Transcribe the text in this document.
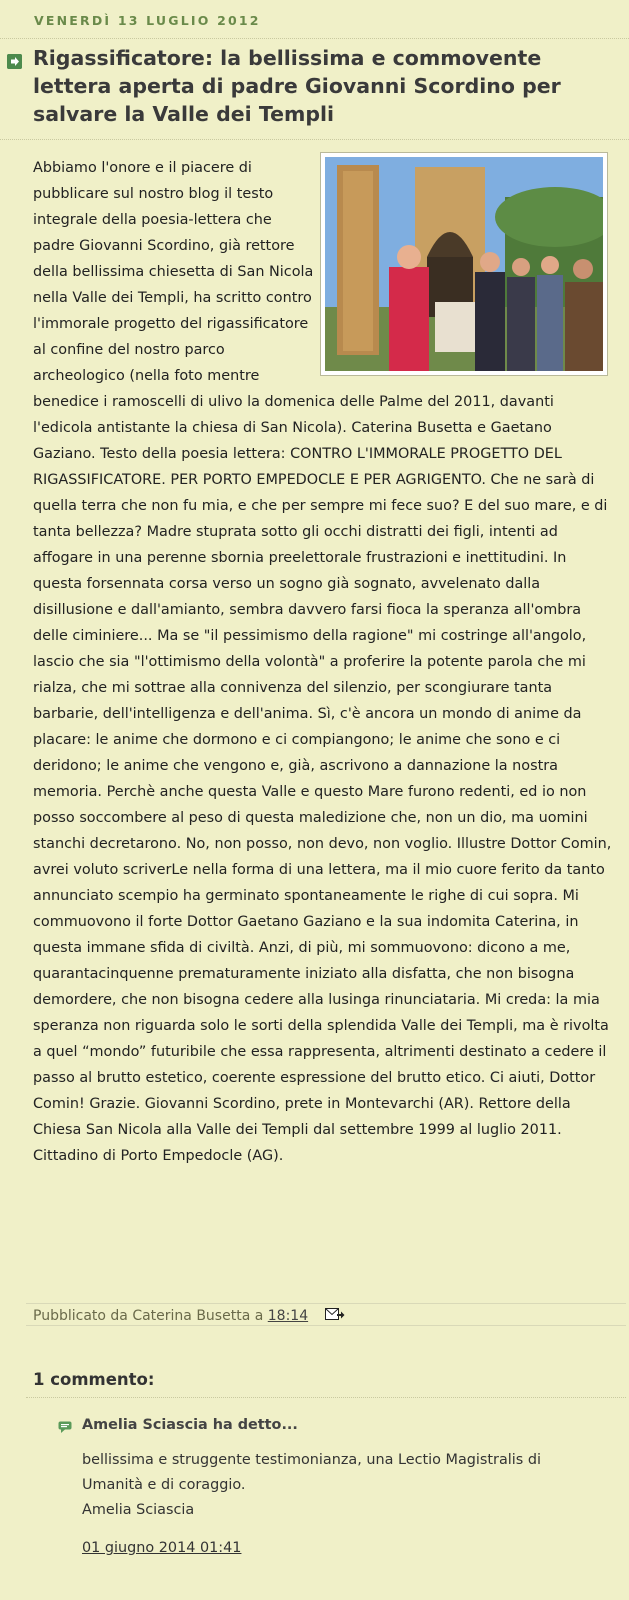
VENERDÌ 13 LUGLIO 2012
Rigassificatore: la bellissima e commovente lettera aperta di padre Giovanni Scordino per salvare la Valle dei Templi

Abbiamo l'onore e il piacere di pubblicare sul nostro blog il testo integrale della poesia-lettera che padre Giovanni Scordino, già rettore della bellissima chiesetta di San Nicola nella Valle dei Templi, ha scritto contro l'immorale progetto del rigassificatore al confine del nostro parco archeologico (nella foto mentre benedice i ramoscelli di ulivo la domenica delle Palme del 2011, davanti l'edicola antistante la chiesa di San Nicola). Caterina Busetta e Gaetano Gaziano. Testo della poesia lettera: CONTRO L'IMMORALE PROGETTO DEL RIGASSIFICATORE. PER PORTO EMPEDOCLE E PER AGRIGENTO. Che ne sarà di quella terra che non fu mia, e che per sempre mi fece suo? E del suo mare, e di tanta bellezza? Madre stuprata sotto gli occhi distratti dei figli, intenti ad affogare in una perenne sbornia preelettorale frustrazioni e inettitudini. In questa forsennata corsa verso un sogno già sognato, avvelenato dalla disillusione e dall'amianto, sembra davvero farsi fioca la speranza all'ombra delle ciminiere... Ma se "il pessimismo della ragione" mi costringe all'angolo, lascio che sia "l'ottimismo della volontà" a proferire la potente parola che mi rialza, che mi sottrae alla connivenza del silenzio, per scongiurare tanta barbarie, dell'intelligenza e dell'anima. Sì, c'è ancora un mondo di anime da placare: le anime che dormono e ci compiangono; le anime che sono e ci deridono; le anime che vengono e, già, ascrivono a dannazione la nostra memoria. Perchè anche questa Valle e questo Mare furono redenti, ed io non posso soccombere al peso di questa maledizione che, non un dio, ma uomini stanchi decretarono. No, non posso, non devo, non voglio. Illustre Dottor Comin, avrei voluto scriverLe nella forma di una lettera, ma il mio cuore ferito da tanto annunciato scempio ha germinato spontaneamente le righe di cui sopra. Mi commuovono il forte Dottor Gaetano Gaziano e la sua indomita Caterina, in questa immane sfida di civiltà. Anzi, di più, mi sommuovono: dicono a me, quarantacinquenne prematuramente iniziato alla disfatta, che non bisogna demordere, che non bisogna cedere alla lusinga rinunciataria. Mi creda: la mia speranza non riguarda solo le sorti della splendida Valle dei Templi, ma è rivolta a quel “mondo” futuribile che essa rappresenta, altrimenti destinato a cedere il passo al brutto estetico, coerente espressione del brutto etico. Ci aiuti, Dottor Comin! Grazie. Giovanni Scordino, prete in Montevarchi (AR). Rettore della Chiesa San Nicola alla Valle dei Templi dal settembre 1999 al luglio 2011. Cittadino di Porto Empedocle (AG).

Pubblicato da Caterina Busetta a 18:14
1 commento:
Amelia Sciascia ha detto...

bellissima e struggente testimonianza, una Lectio Magistralis di Umanità e di coraggio.

Amelia Sciascia

01 giugno 2014 01:41
